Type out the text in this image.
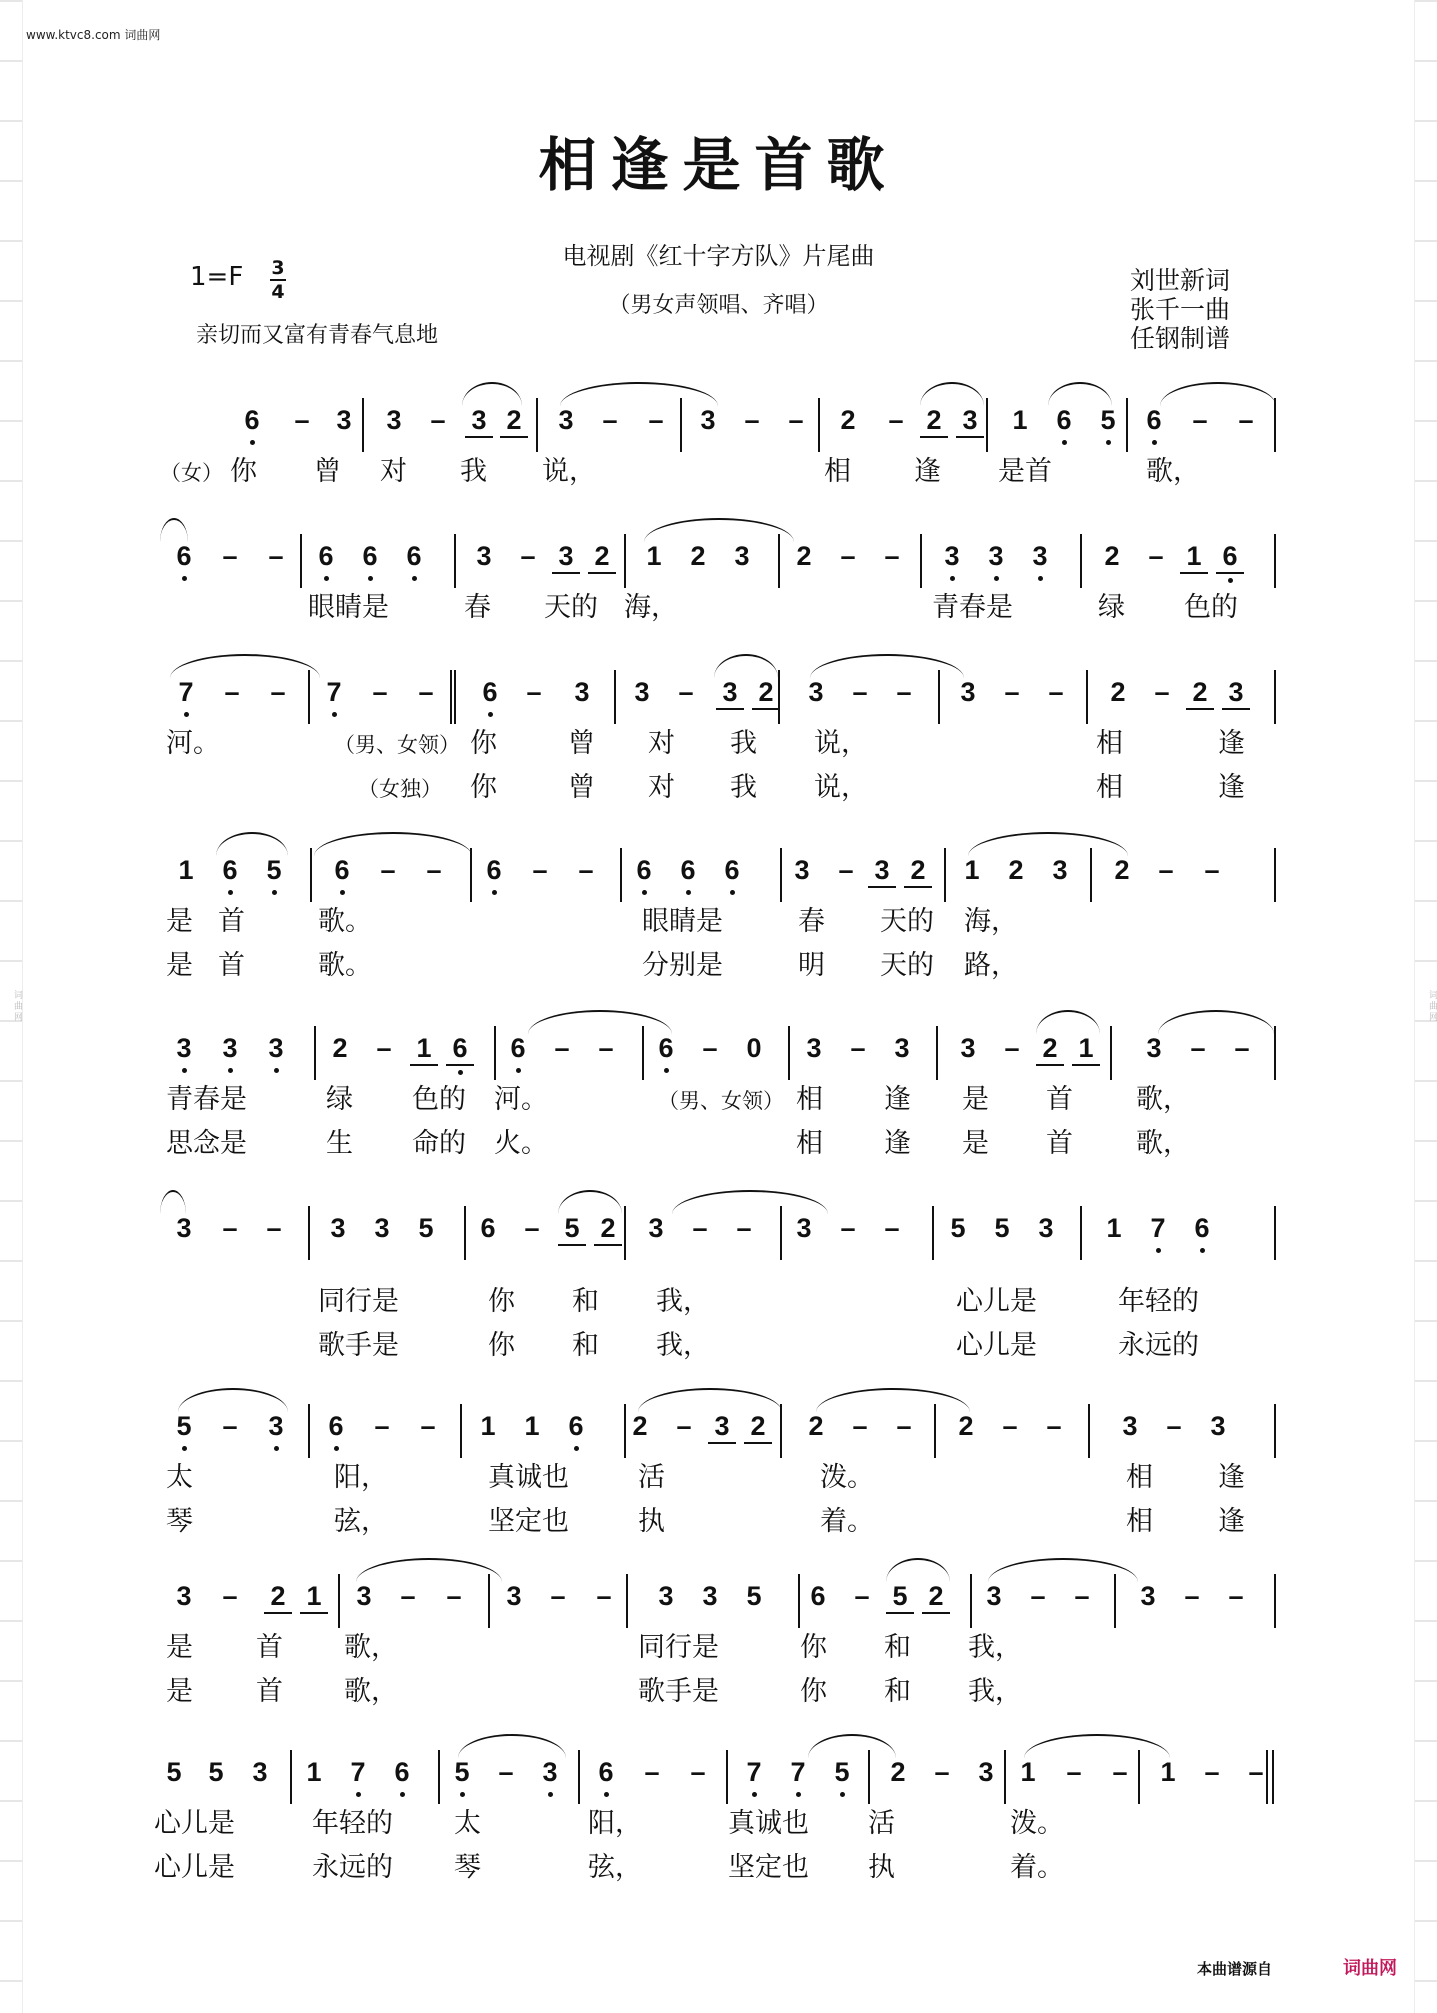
词曲网	词曲网
www.ktvc8.com 词曲网
相逢是首歌
电视剧《红十字方队》片尾曲
（男女声领唱、齐唱）
1=F 3
4
亲切而又富有青春气息地
刘世新词
张千一曲
任钢制谱
6 – 3 3 – 3 2 3 – – 3 – – 2 – 2 3 1 6 5 6 – –
（女） 你 曾 对 我 说，	相 逢 是首	歌，
6 – – 6 6 6 3 – 3 2 1 2 3 2 – – 3 3 3 2 – 1 6
眼睛是	春 天的 海，	青春是	绿 色的
7 – – 7 – – 6 – 3 3 – 3 2 3 – – 3 – – 2 – 2 3
河。	（男、女领） 你	曾 对 我 说，	相	逢
（女独） 你	曾 对 我 说，	相	逢
1 6 5 6 – – 6 – – 6 6 6 3 – 3 2 1 2 3 2 – –
是 首	歌。	眼睛是	春 天的 海，
是 首	歌。	分别是	明 天的 路，
3 3 3 2 – 1 6 6 – – 6 – 0 3 – 3 3 – 2 1 3 – –
青春是	绿 色的 河。	（男、女领） 相 逢 是 首 歌，
思念是	生 命的 火。	相 逢 是 首 歌，
3 – – 3 3 5 6 – 5 2 3 – – 3 – – 5 5 3 1 7 6
同行是	你 和 我，	心儿是	年轻的
歌手是	你 和 我，	心儿是	永远的
5 – 3 6 – – 1 1 6 2 – 3 2 2 – – 2 – – 3 – 3
太	阳，	真诚也	活	泼。	相 逢
琴	弦，	坚定也	执	着。	相 逢
3 – 2 1 3 – – 3 – – 3 3 5 6 – 5 2 3 – – 3 – –
是 首 歌，	同行是	你 和 我，
是 首 歌，	歌手是	你 和 我，
5 5 3 1 7 6 5 – 3 6 – – 7 7 5 2 – 3 1 – – 1 – –
心儿是	年轻的 太	阳，	真诚也 活	泼。
心儿是	永远的 琴	弦，	坚定也 执	着。
本曲谱源自	词曲网
